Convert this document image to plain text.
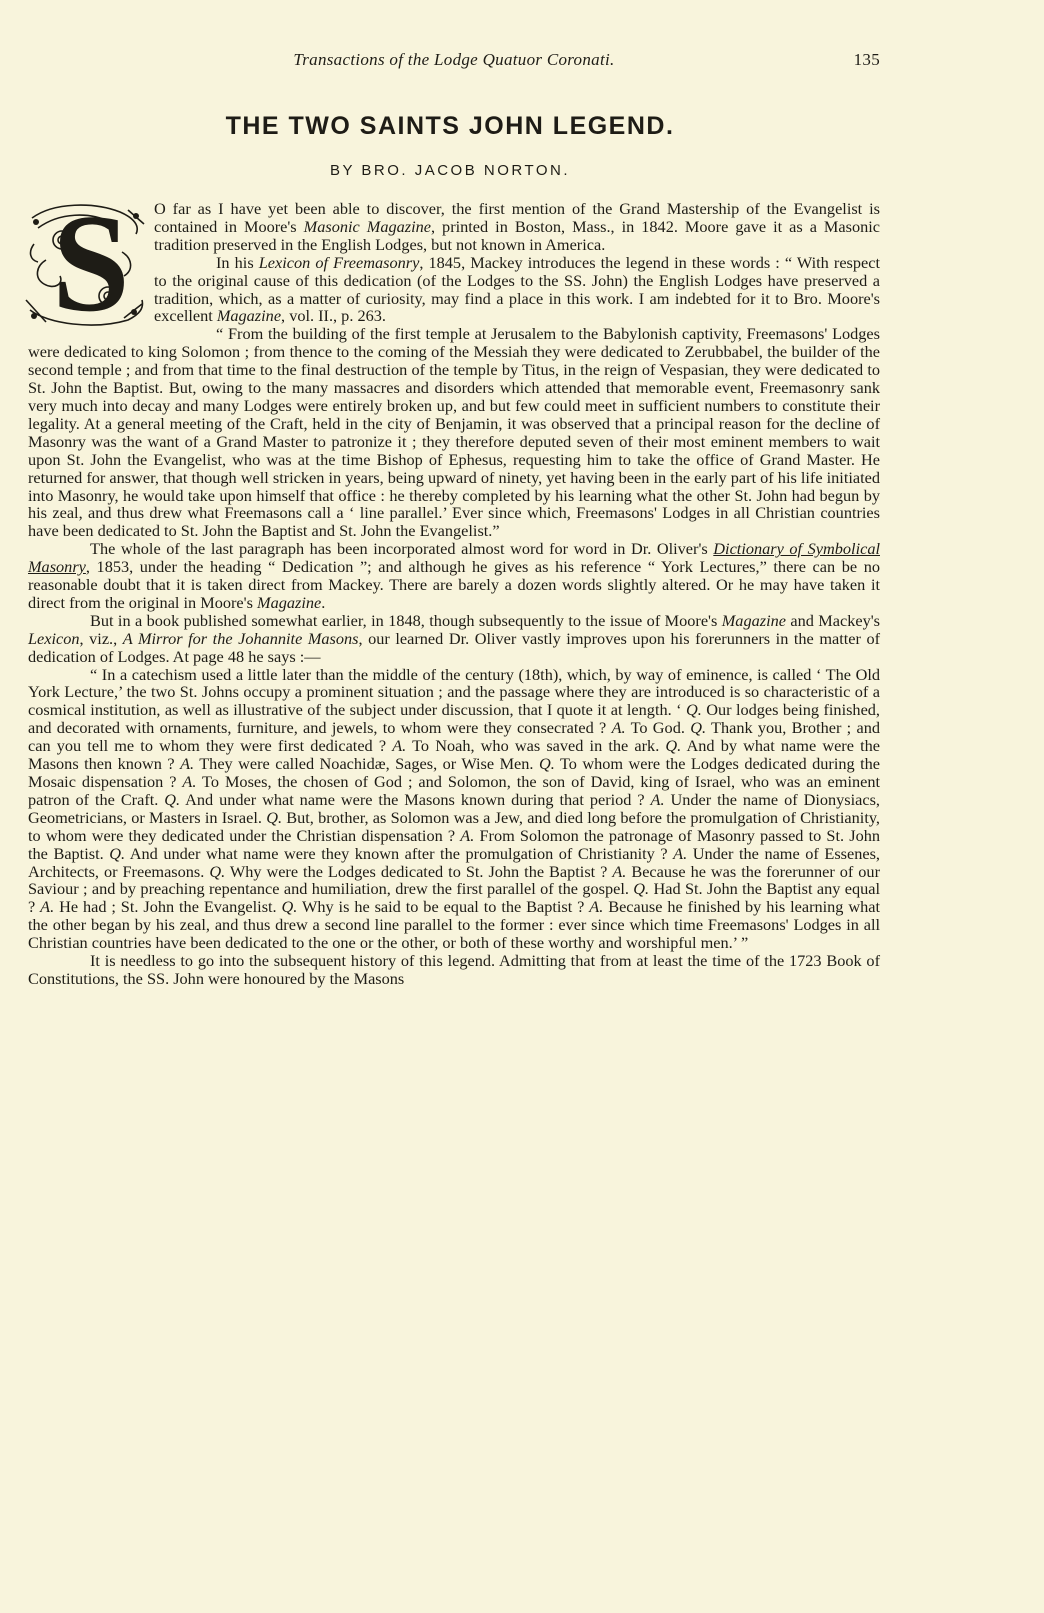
Transactions of the Lodge Quatuor Coronati.	135
THE TWO SAINTS JOHN LEGEND.
BY BRO. JACOB NORTON.
S	O far as I have yet been able to discover, the first mention of the Grand Mastership of the Evangelist is contained in Moore's Masonic Magazine, printed in Boston, Mass., in 1842. Moore gave it as a Masonic tradition preserved in the English Lodges, but not known in America.

In his Lexicon of Freemasonry, 1845, Mackey introduces the legend in these words : “ With respect to the original cause of this dedication (of the Lodges to the SS. John) the English Lodges have preserved a tradition, which, as a matter of curiosity, may find a place in this work. I am indebted for it to Bro. Moore's excellent Magazine, vol. II., p. 263.

“ From the building of the first temple at Jerusalem to the Babylonish captivity, Freemasons' Lodges were dedicated to king Solomon ; from thence to the coming of the Messiah they were dedicated to Zerubbabel, the builder of the second temple ; and from that time to the final destruction of the temple by Titus, in the reign of Vespasian, they were dedicated to St. John the Baptist. But, owing to the many massacres and disorders which attended that memorable event, Freemasonry sank very much into decay and many Lodges were entirely broken up, and but few could meet in sufficient numbers to constitute their legality. At a general meeting of the Craft, held in the city of Benjamin, it was observed that a principal reason for the decline of Masonry was the want of a Grand Master to patronize it ; they therefore deputed seven of their most eminent members to wait upon St. John the Evangelist, who was at the time Bishop of Ephesus, requesting him to take the office of Grand Master. He returned for answer, that though well stricken in years, being upward of ninety, yet having been in the early part of his life initiated into Masonry, he would take upon himself that office : he thereby completed by his learning what the other St. John had begun by his zeal, and thus drew what Freemasons call a ‘ line parallel.’ Ever since which, Freemasons' Lodges in all Christian countries have been dedicated to St. John the Baptist and St. John the Evangelist.”

The whole of the last paragraph has been incorporated almost word for word in Dr. Oliver's Dictionary of Symbolical Masonry, 1853, under the heading “ Dedication ”; and although he gives as his reference “ York Lectures,” there can be no reasonable doubt that it is taken direct from Mackey. There are barely a dozen words slightly altered. Or he may have taken it direct from the original in Moore's Magazine.

But in a book published somewhat earlier, in 1848, though subsequently to the issue of Moore's Magazine and Mackey's Lexicon, viz., A Mirror for the Johannite Masons, our learned Dr. Oliver vastly improves upon his forerunners in the matter of dedication of Lodges. At page 48 he says :—

“ In a catechism used a little later than the middle of the century (18th), which, by way of eminence, is called ‘ The Old York Lecture,’ the two St. Johns occupy a prominent situation ; and the passage where they are introduced is so characteristic of a cosmical institution, as well as illustrative of the subject under discussion, that I quote it at length. ‘ Q. Our lodges being finished, and decorated with ornaments, furniture, and jewels, to whom were they consecrated ? A. To God. Q. Thank you, Brother ; and can you tell me to whom they were first dedicated ? A. To Noah, who was saved in the ark. Q. And by what name were the Masons then known ? A. They were called Noachidæ, Sages, or Wise Men. Q. To whom were the Lodges dedicated during the Mosaic dispensation ? A. To Moses, the chosen of God ; and Solomon, the son of David, king of Israel, who was an eminent patron of the Craft. Q. And under what name were the Masons known during that period ? A. Under the name of Dionysiacs, Geometricians, or Masters in Israel. Q. But, brother, as Solomon was a Jew, and died long before the promulgation of Christianity, to whom were they dedicated under the Christian dispensation ? A. From Solomon the patronage of Masonry passed to St. John the Baptist. Q. And under what name were they known after the promulgation of Christianity ? A. Under the name of Essenes, Architects, or Freemasons. Q. Why were the Lodges dedicated to St. John the Baptist ? A. Because he was the forerunner of our Saviour ; and by preaching repentance and humiliation, drew the first parallel of the gospel. Q. Had St. John the Baptist any equal ? A. He had ; St. John the Evangelist. Q. Why is he said to be equal to the Baptist ? A. Because he finished by his learning what the other began by his zeal, and thus drew a second line parallel to the former : ever since which time Freemasons' Lodges in all Christian countries have been dedicated to the one or the other, or both of these worthy and worshipful men.’ ”

It is needless to go into the subsequent history of this legend. Admitting that from at least the time of the 1723 Book of Constitutions, the SS. John were honoured by the Masons
